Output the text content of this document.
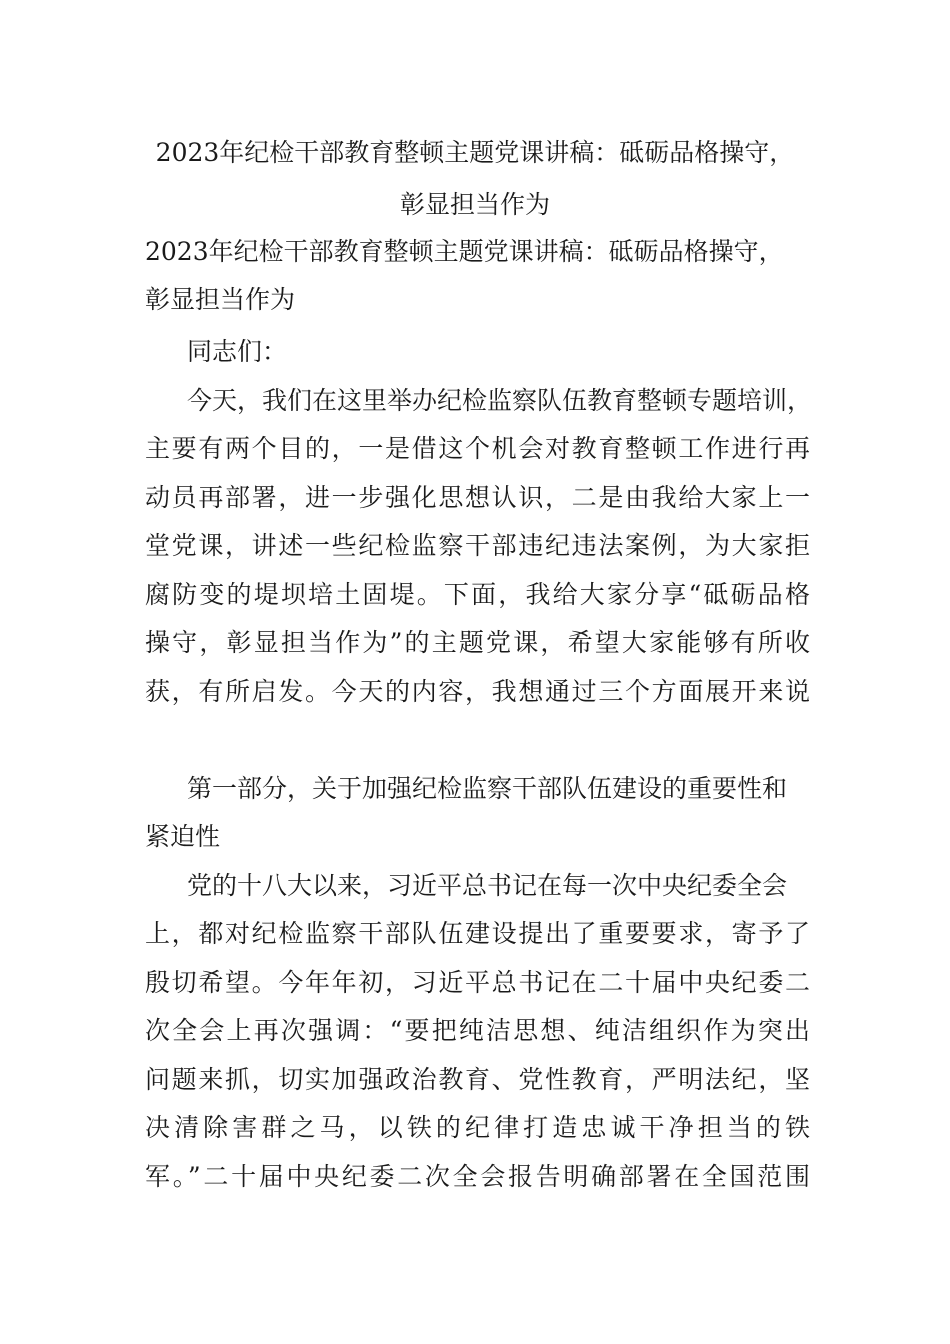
2023年纪检干部教育整顿主题党课讲稿：砥砺品格操守，
彰显担当作为
2023年纪检干部教育整顿主题党课讲稿：砥砺品格操守，
彰显担当作为
同志们：
今天，我们在这里举办纪检监察队伍教育整顿专题培训，
主要有两个目的，一是借这个机会对教育整顿工作进行再
动员再部署，进一步强化思想认识，二是由我给大家上一
堂党课，讲述一些纪检监察干部违纪违法案例，为大家拒
腐防变的堤坝培土固堤。下面，我给大家分享“砥砺品格
操守，彰显担当作为”的主题党课，希望大家能够有所收
获，有所启发。今天的内容，我想通过三个方面展开来说
第一部分，关于加强纪检监察干部队伍建设的重要性和
紧迫性
党的十八大以来，习近平总书记在每一次中央纪委全会
上，都对纪检监察干部队伍建设提出了重要要求，寄予了
殷切希望。今年年初，习近平总书记在二十届中央纪委二
次全会上再次强调：“要把纯洁思想、纯洁组织作为突出
问题来抓，切实加强政治教育、党性教育，严明法纪，坚
决清除害群之马，以铁的纪律打造忠诚干净担当的铁
军。”二十届中央纪委二次全会报告明确部署在全国范围
